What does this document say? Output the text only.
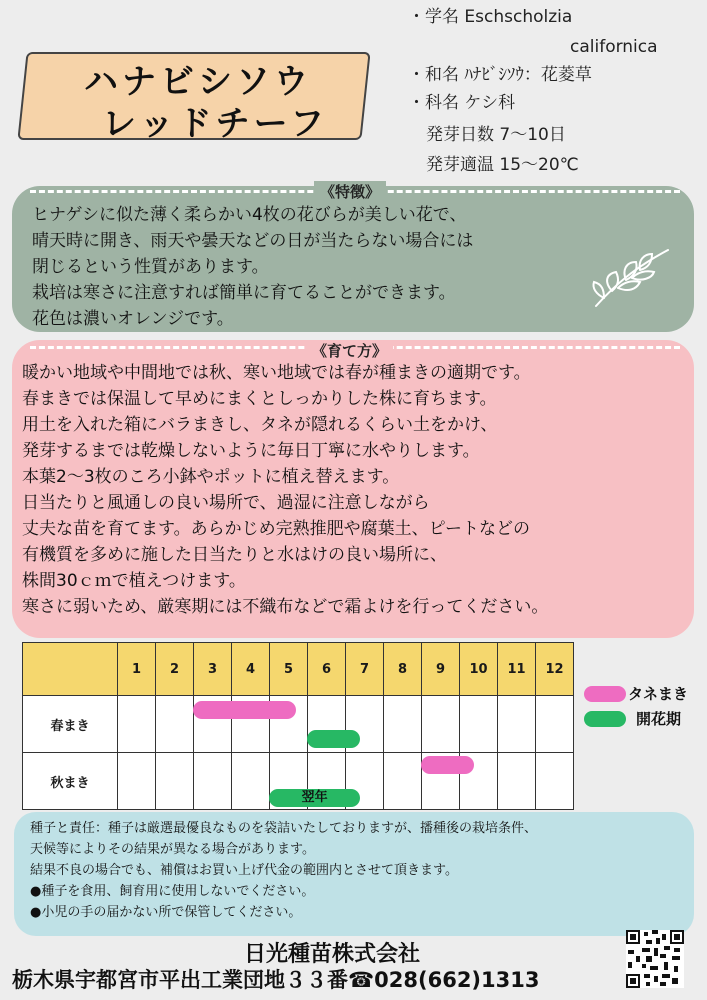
ハナビシソウ
レッドチーフ
・学名 Eschscholzia
californica
・和名 ﾊﾅﾋﾞｼｿｳ：花菱草
・科名 ケシ科
発芽日数 7～10日
発芽適温 15～20℃
《特徴》
ヒナゲシに似た薄く柔らかい4枚の花びらが美しい花で、
晴天時に開き、雨天や曇天などの日が当たらない場合には
閉じるという性質があります。
栽培は寒さに注意すれば簡単に育てることができます。
花色は濃いオレンジです。
《育て方》
暖かい地域や中間地では秋、寒い地域では春が種まきの適期です。
春まきでは保温して早めにまくとしっかりした株に育ちます。
用土を入れた箱にバラまきし、タネが隠れるくらい土をかけ、
発芽するまでは乾燥しないように毎日丁寧に水やりします。
本葉2～3枚のころ小鉢やポットに植え替えます。
日当たりと風通しの良い場所で、過湿に注意しながら
丈夫な苗を育てます。あらかじめ完熟推肥や腐葉土、ピートなどの
有機質を多めに施した日当たりと水はけの良い場所に、
株間30ｃｍで植えつけます。
寒さに弱いため、厳寒期には不織布などで霜よけを行ってください。
	1	2	3	4	5	6	7	8	9	10	11	12
春まき												
秋まき												
翌年
タネまき
開花期
種子と責任：種子は厳選最優良なものを袋詰いたしておりますが、播種後の栽培条件、
天候等によりその結果が異なる場合があります。
結果不良の場合でも、補償はお買い上げ代金の範囲内とさせて頂きます。
●種子を食用、飼育用に使用しないでください。
●小児の手の届かない所で保管してください。
日光種苗株式会社
栃木県宇都宮市平出工業団地３３番☎028(662)1313
